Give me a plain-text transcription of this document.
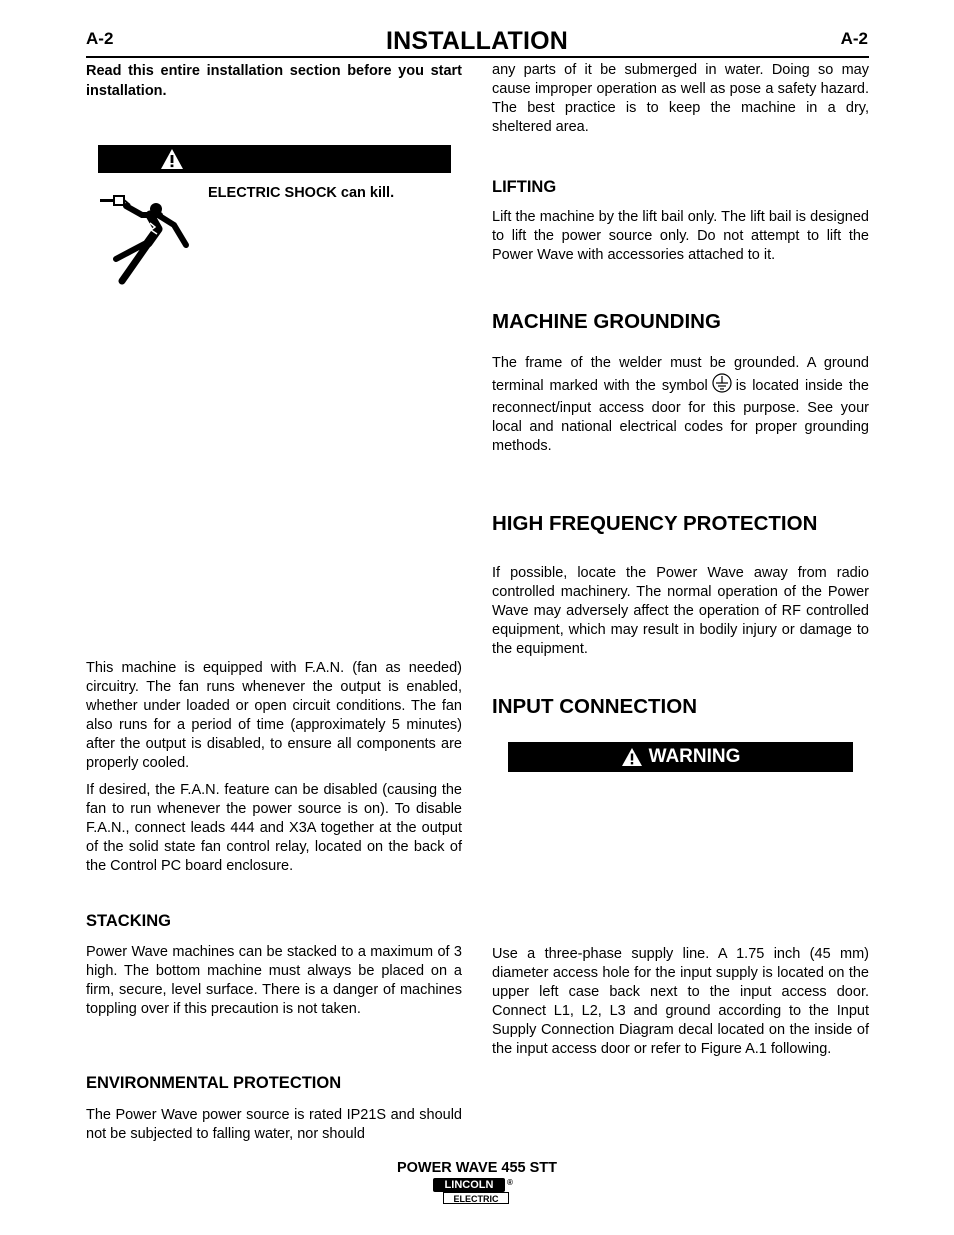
A-2	INSTALLATION	A-2
Read this entire installation section before you start installation.
ELECTRIC SHOCK can kill.

This machine is equipped with F.A.N. (fan as needed) circuitry. The fan runs whenever the output is enabled, whether under loaded or open circuit conditions. The fan also runs for a period of time (approximately 5 minutes) after the output is disabled, to ensure all components are properly cooled.

If desired, the F.A.N. feature can be disabled (causing the fan to run whenever the power source is on). To disable F.A.N., connect leads 444 and X3A together at the output of the solid state fan control relay, located on the back of the Control PC board enclosure.

STACKING
Power Wave machines can be stacked to a maximum of 3 high. The bottom machine must always be placed on a firm, secure, level surface. There is a danger of machines toppling over if this precaution is not taken.
ENVIRONMENTAL PROTECTION
The Power Wave power source is rated IP21S and should not be subjected to falling water, nor should
any parts of it be submerged in water. Doing so may cause improper operation as well as pose a safety hazard. The best practice is to keep the machine in a dry, sheltered area.
LIFTING
Lift the machine by the lift bail only. The lift bail is designed to lift the power source only. Do not attempt to lift the Power Wave with accessories attached to it.
MACHINE GROUNDING
The frame of the welder must be grounded. A ground terminal marked with the symbol is located inside the reconnect/input access door for this purpose. See your local and national electrical codes for proper grounding methods.
HIGH FREQUENCY PROTECTION
If possible, locate the Power Wave away from radio controlled machinery. The normal operation of the Power Wave may adversely affect the operation of RF controlled equipment, which may result in bodily injury or damage to the equipment.
INPUT CONNECTION
WARNING
Use a three-phase supply line. A 1.75 inch (45 mm) diameter access hole for the input supply is located on the upper left case back next to the input access door. Connect L1, L2, L3 and ground according to the Input Supply Connection Diagram decal located on the inside of the input access door or refer to Figure A.1 following.
POWER WAVE 455 STT
LINCOLN	®
ELECTRIC
